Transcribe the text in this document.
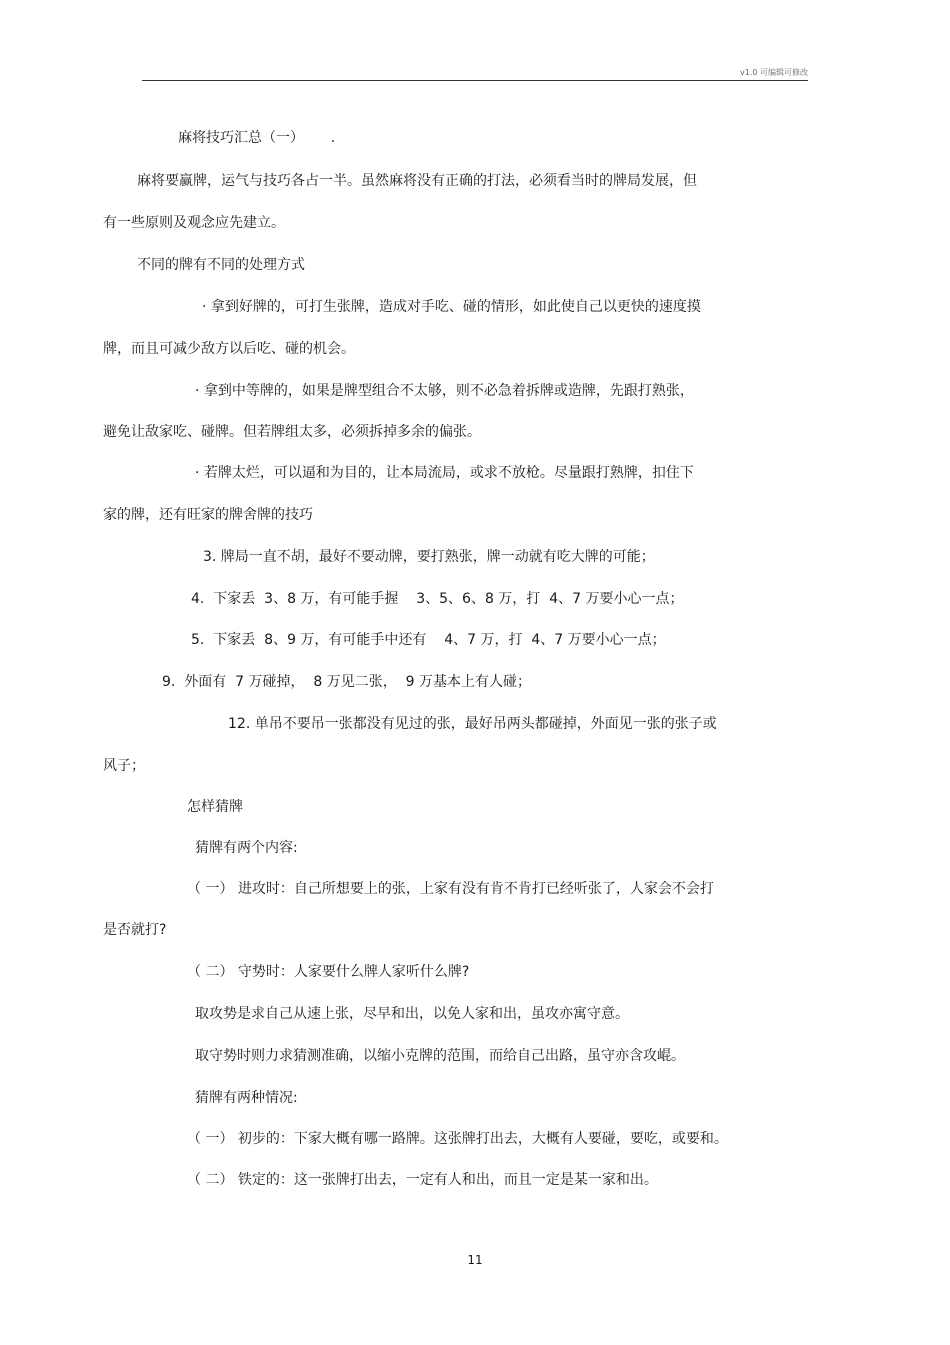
v1.0 可编辑可修改
麻将技巧汇总（一）      .
麻将要赢牌，运气与技巧各占一半。虽然麻将没有正确的打法，必须看当时的牌局发展，但
有一些原则及观念应先建立。
不同的牌有不同的处理方式
· 拿到好牌的，可打生张牌，造成对手吃、碰的情形，如此使自己以更快的速度摸
牌，而且可减少敌方以后吃、碰的机会。
· 拿到中等牌的，如果是牌型组合不太够，则不必急着拆牌或造牌，先跟打熟张，
避免让敌家吃、碰牌。但若牌组太多，必须拆掉多余的偏张。
· 若牌太烂，可以逼和为目的，让本局流局，或求不放枪。尽量跟打熟牌，扣住下
家的牌，还有旺家的牌舍牌的技巧
3. 牌局一直不胡，最好不要动牌，要打熟张，牌一动就有吃大牌的可能；
4.  下家丢  3、8 万，有可能手握    3、5、6、8 万，打  4、7 万要小心一点；
5.  下家丢  8、9 万，有可能手中还有    4、7 万，打  4、7 万要小心一点；
9.  外面有  7 万碰掉，  8 万见二张，  9 万基本上有人碰；
12. 单吊不要吊一张都没有见过的张，最好吊两头都碰掉，外面见一张的张子或
风子；
怎样猜牌
猜牌有两个内容:
（ 一） 进攻时：自己所想要上的张，上家有没有肯不肯打已经听张了，人家会不会打
是否就打?
（ 二） 守势时：人家要什么牌人家听什么牌?
取攻势是求自己从速上张，尽早和出，以免人家和出，虽攻亦寓守意。
取守势时则力求猜测准确，以缩小克牌的范围，而给自己出路，虽守亦含攻崐。
猜牌有两种情况:
（ 一） 初步的：下家大概有哪一路牌。这张牌打出去，大概有人要碰，要吃，或要和。
（ 二） 铁定的：这一张牌打出去，一定有人和出，而且一定是某一家和出。
11
